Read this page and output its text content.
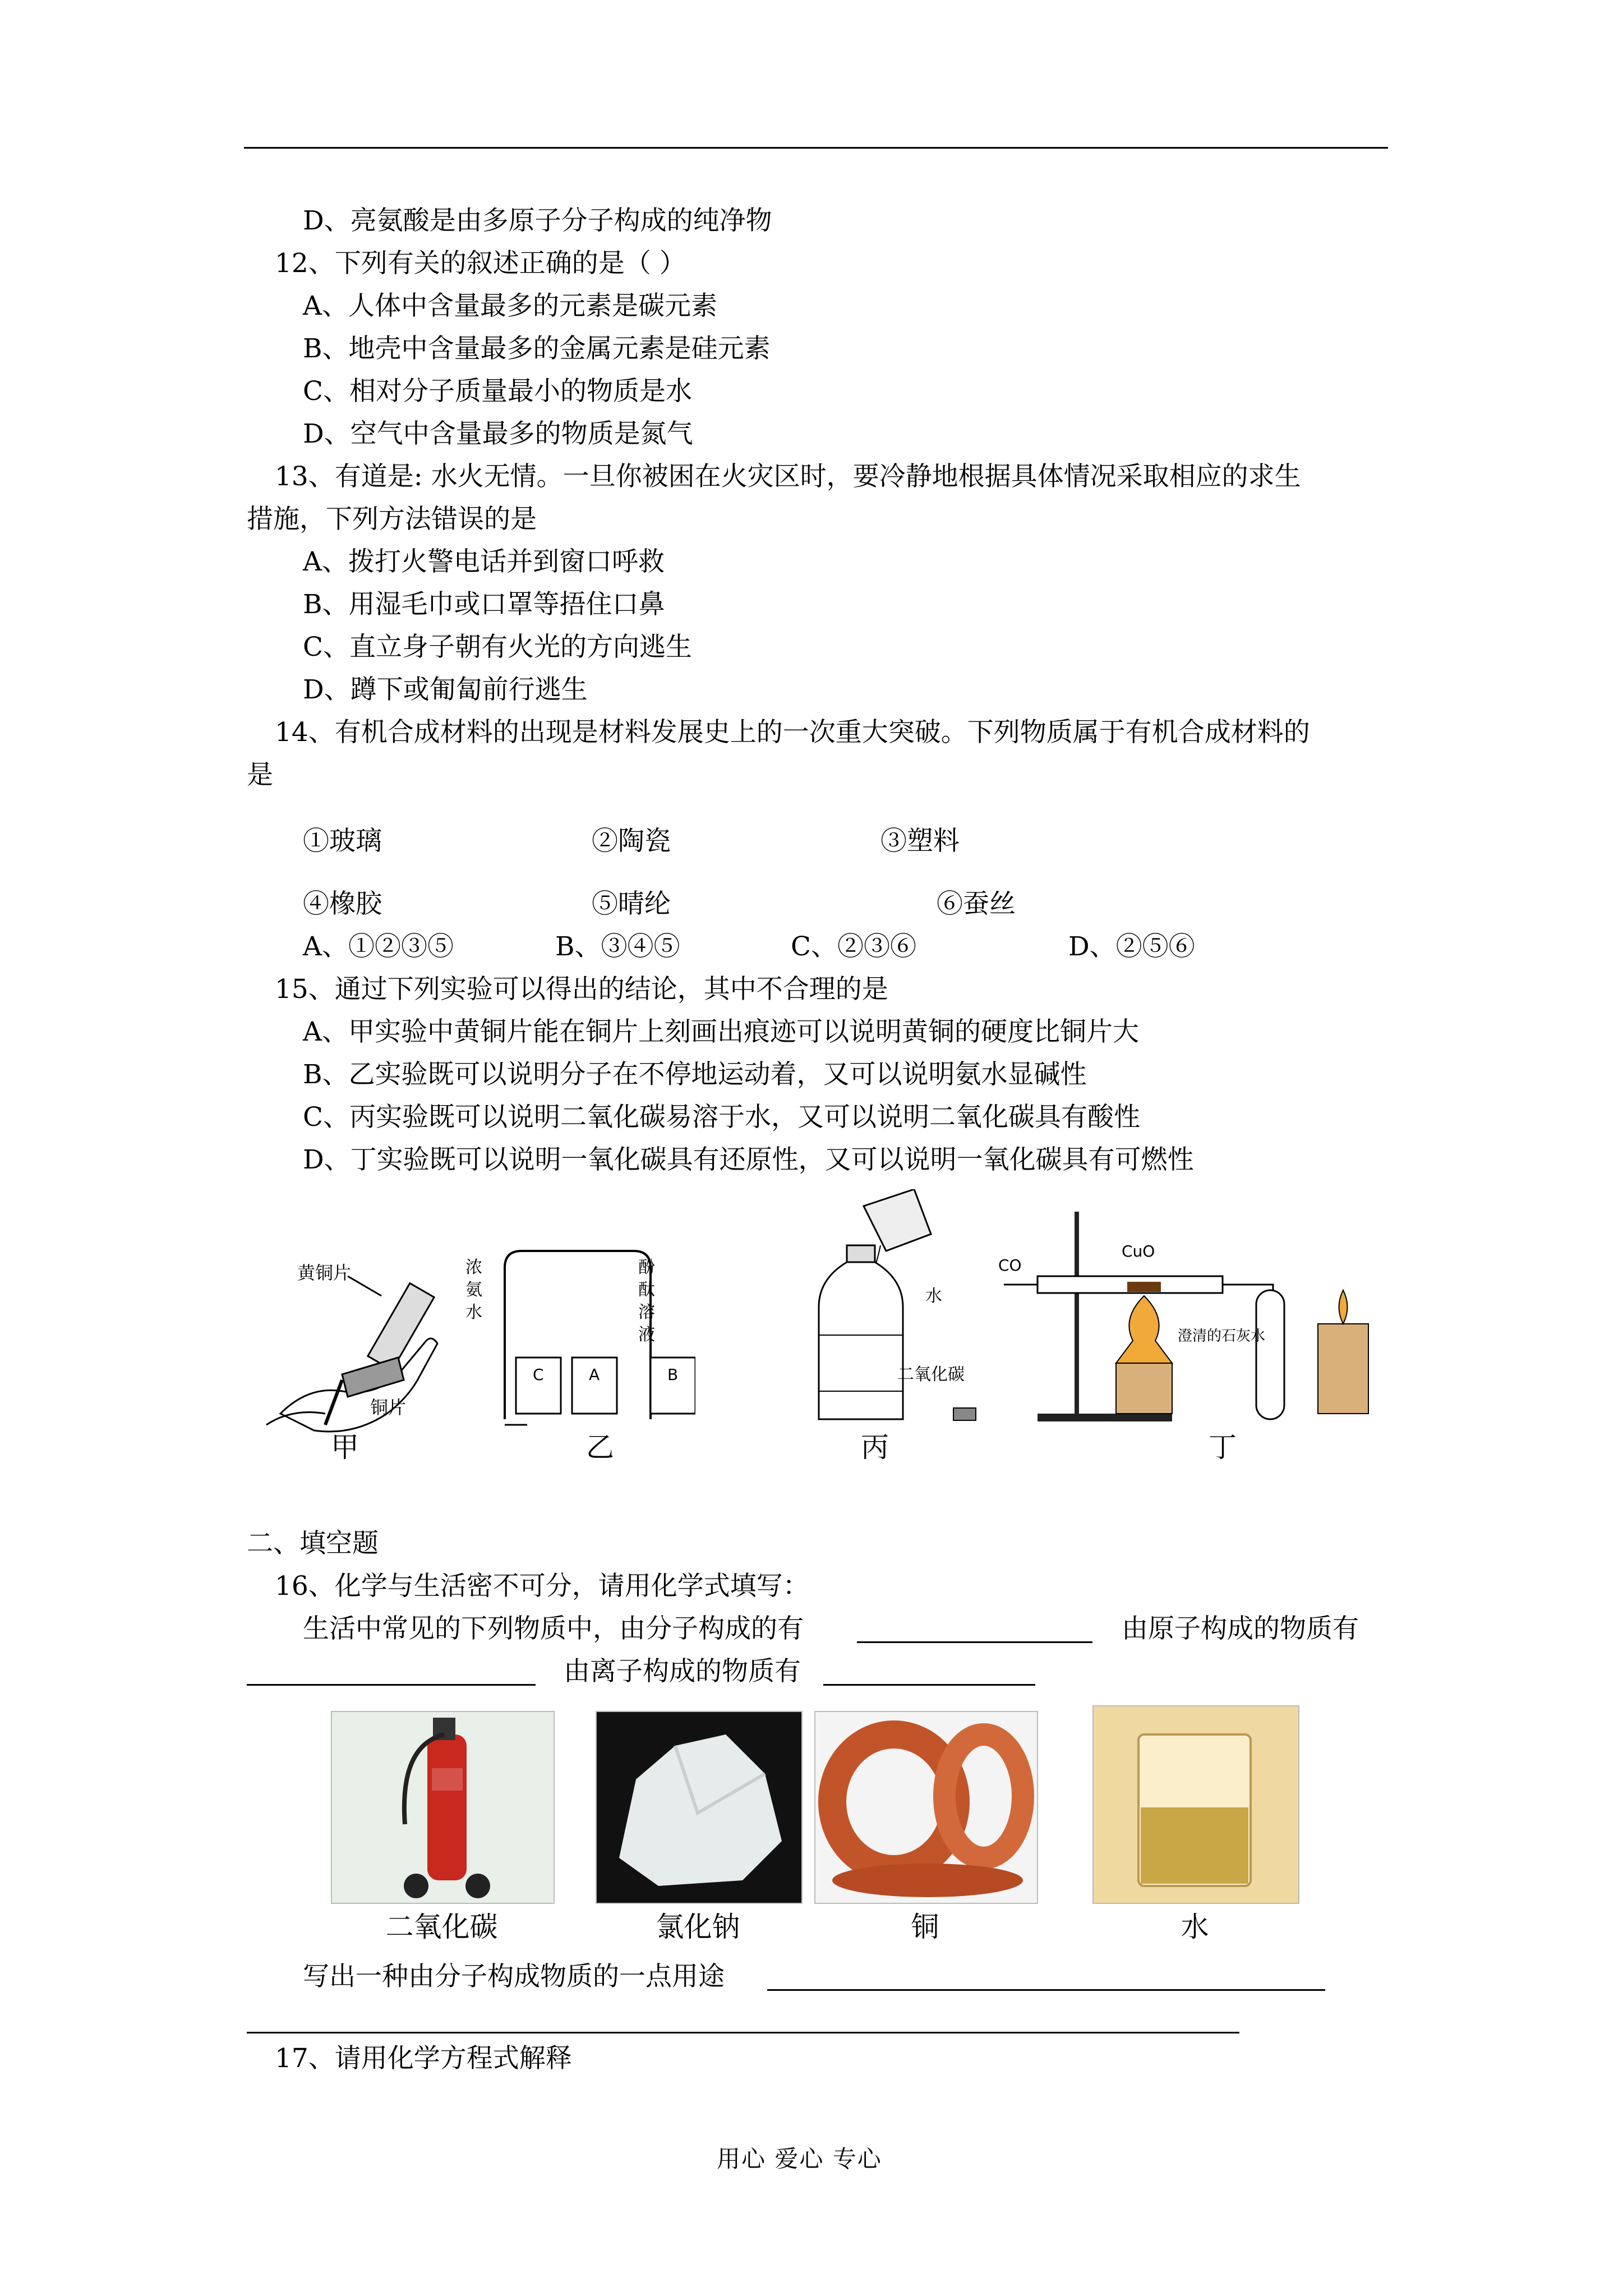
D、亮氨酸是由多原子分子构成的纯净物
12、下列有关的叙述正确的是（ ）
A、人体中含量最多的元素是碳元素
B、地壳中含量最多的金属元素是硅元素
C、相对分子质量最小的物质是水
D、空气中含量最多的物质是氮气
13、有道是: 水火无情。一旦你被困在火灾区时，要冷静地根据具体情况采取相应的求生
措施，下列方法错误的是
A、拨打火警电话并到窗口呼救
B、用湿毛巾或口罩等捂住口鼻
C、直立身子朝有火光的方向逃生
D、蹲下或匍匐前行逃生
14、有机合成材料的出现是材料发展史上的一次重大突破。下列物质属于有机合成材料的
是
①玻璃	②陶瓷	③塑料
④橡胶	⑤晴纶	⑥蚕丝
A、①②③⑤	B、③④⑤	C、②③⑥	D、②⑤⑥
15、通过下列实验可以得出的结论，其中不合理的是
A、甲实验中黄铜片能在铜片上刻画出痕迹可以说明黄铜的硬度比铜片大
B、乙实验既可以说明分子在不停地运动着，又可以说明氨水显碱性
C、丙实验既可以说明二氧化碳易溶于水，又可以说明二氧化碳具有酸性
D、丁实验既可以说明一氧化碳具有还原性，又可以说明一氧化碳具有可燃性
黄铜片
铜片
甲
C	A	B
浓氨水
酚酞溶液
乙
水
二氧化碳
丙
CO
CuO
澄清的石灰水
丁
二、填空题
16、化学与生活密不可分，请用化学式填写：
生活中常见的下列物质中，由分子构成的有	由原子构成的物质有
由离子构成的物质有
二氧化碳	氯化钠	铜	水
写出一种由分子构成物质的一点用途
17、请用化学方程式解释
用心 爱心 专心
